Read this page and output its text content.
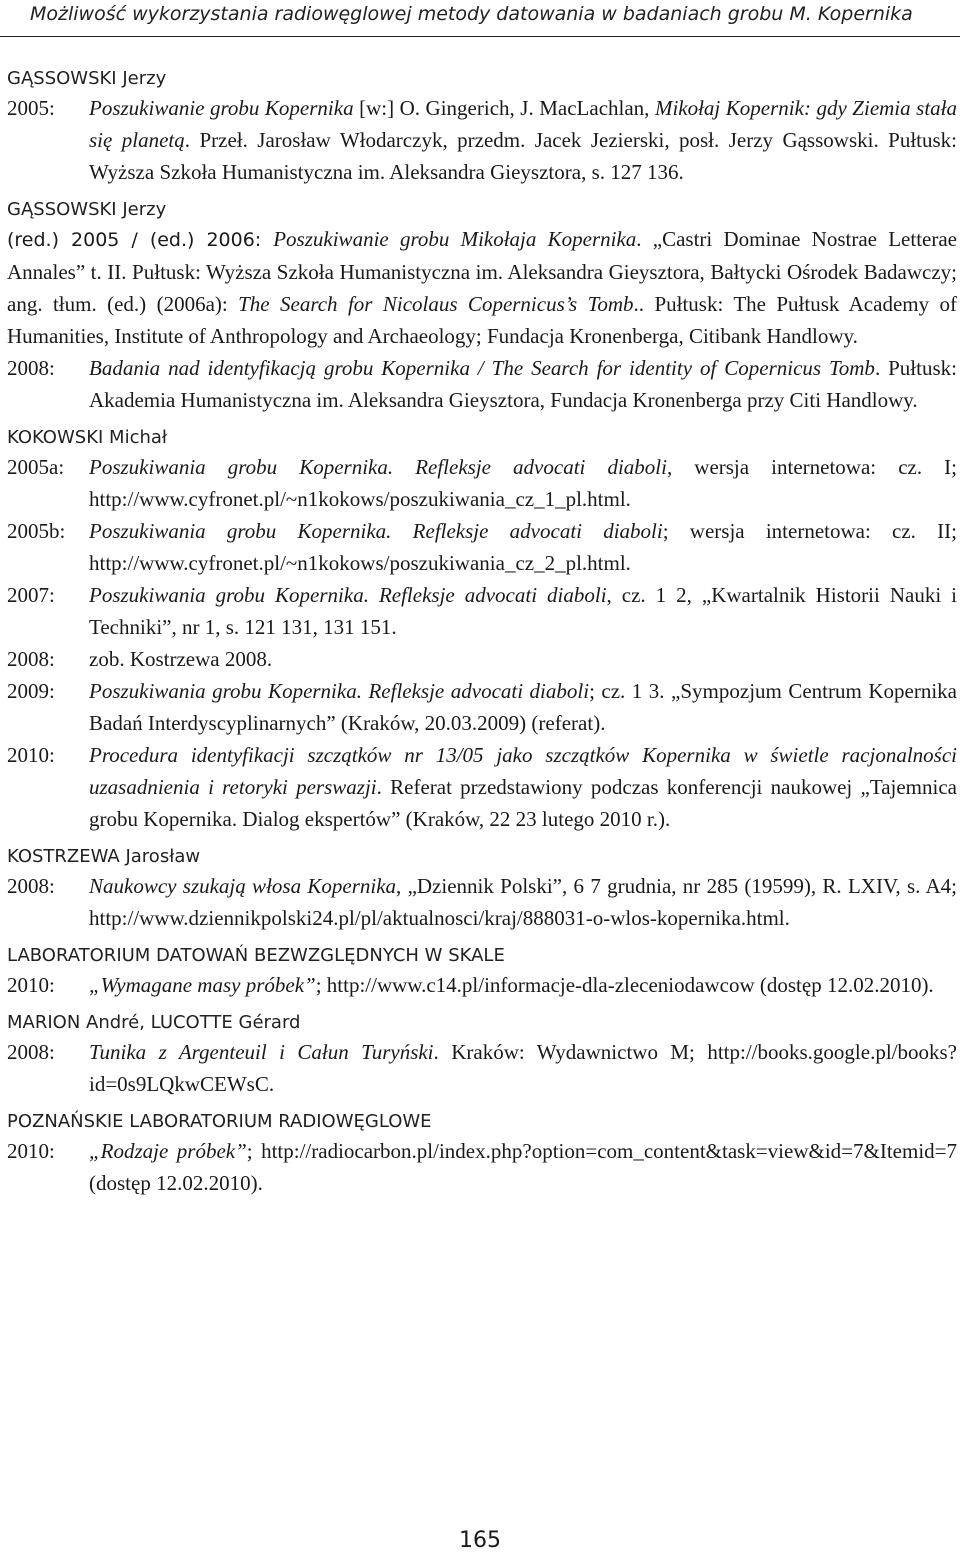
Możliwość wykorzystania radiowęglowej metody datowania w badaniach grobu M. Kopernika

GĄSSOWSKI Jerzy

2005:	Poszukiwanie grobu Kopernika [w:] O. Gingerich, J. MacLachlan, Mikołaj Kopernik: gdy Ziemia stała się planetą. Przeł. Jarosław Włodarczyk, przedm. Jacek Jezierski, posł. Jerzy Gąssowski. Pułtusk: Wyższa Szkoła Humanistyczna im. Aleksandra Gieysztora, s. 127 136.

GĄSSOWSKI Jerzy

(red.) 2005 / (ed.) 2006: Poszukiwanie grobu Mikołaja Kopernika. „Castri Dominae Nostrae Letterae Annales” t. II. Pułtusk: Wyższa Szkoła Humanistyczna im. Aleksandra Gieysztora, Bałtycki Ośrodek Badawczy; ang. tłum. (ed.) (2006a): The Search for Nicolaus Copernicus’s Tomb.. Pułtusk: The Pułtusk Academy of Humanities, Institute of Anthropology and Archaeology; Fundacja Kronenberga, Citibank Handlowy.
2008:	Badania nad identyfikacją grobu Kopernika / The Search for identity of Copernicus Tomb. Pułtusk: Akademia Humanistyczna im. Aleksandra Gieysztora, Fundacja Kronenberga przy Citi Handlowy.

KOKOWSKI Michał

2005a:	Poszukiwania grobu Kopernika. Refleksje advocati diaboli, wersja internetowa: cz. I; http://www.cyfronet.pl/~n1kokows/poszukiwania_cz_1_pl.html.
2005b:	Poszukiwania grobu Kopernika. Refleksje advocati diaboli; wersja internetowa: cz. II; http://www.cyfronet.pl/~n1kokows/poszukiwania_cz_2_pl.html.
2007:	Poszukiwania grobu Kopernika. Refleksje advocati diaboli, cz. 1 2, „Kwartalnik Historii Nauki i Techniki”, nr 1, s. 121 131, 131 151.
2008:	zob. Kostrzewa 2008.
2009:	Poszukiwania grobu Kopernika. Refleksje advocati diaboli; cz. 1 3. „Sympozjum Centrum Kopernika Badań Interdyscyplinarnych” (Kraków, 20.03.2009) (referat).
2010:	Procedura identyfikacji szczątków nr 13/05 jako szczątków Kopernika w świetle racjonalności uzasadnienia i retoryki perswazji. Referat przedstawiony podczas konferencji naukowej „Tajemnica grobu Kopernika. Dialog ekspertów” (Kraków, 22 23 lutego 2010 r.).

KOSTRZEWA Jarosław

2008:	Naukowcy szukają włosa Kopernika, „Dziennik Polski”, 6 7 grudnia, nr 285 (19599), R. LXIV, s. A4; http://www.dziennikpolski24.pl/pl/aktualnosci/kraj/888031-o-wlos-kopernika.html.

LABORATORIUM DATOWAŃ BEZWZGLĘDNYCH W SKALE

2010:	„Wymagane masy próbek”; http://www.c14.pl/informacje-dla-zleceniodawcow (dostęp 12.02.2010).

MARION André, LUCOTTE Gérard

2008:	Tunika z Argenteuil i Całun Turyński. Kraków: Wydawnictwo M; http://books.google.pl/books?id=0s9LQkwCEWsC.

POZNAŃSKIE LABORATORIUM RADIOWĘGLOWE

2010:	„Rodzaje próbek”; http://radiocarbon.pl/index.php?option=com_content&task=view&id=7&Itemid=7 (dostęp 12.02.2010).
165
